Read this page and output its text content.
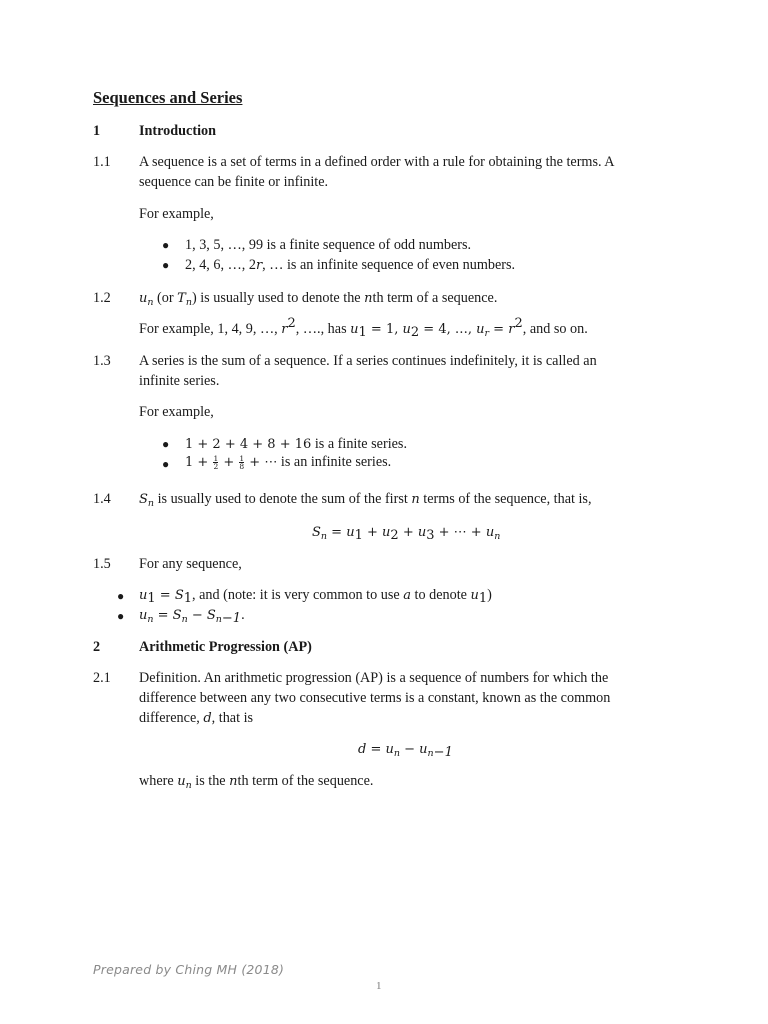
Sequences and Series
1	Introduction
1.1 A sequence is a set of terms in a defined order with a rule for obtaining the terms. A
sequence can be finite or infinite.
For example,
● 1, 3, 5, …, 99 is a finite sequence of odd numbers.
● 2, 4, 6, …, 2r, … is an infinite sequence of even numbers.
1.2 $u_n$ (or $T_n$) is usually used to denote the nth term of a sequence.
For example, 1, 4, 9, …, $r^2$, …., has $u_1 = 1$, $u_2 = 4$, …, $u_r = r^2$, and so on.
1.3 A series is the sum of a sequence. If a series continues indefinitely, it is called an
infinite series.
For example,
● 1 + 2 + 4 + 8 + 16 is a finite series.
● $1 + \frac{1}{2} + \frac{1}{8}$ + ⋯ is an infinite series.
1.4 $S_n$ is usually used to denote the sum of the first n terms of the sequence, that is,
$S_n = u_1 + u_2 + u_3$ + ⋯ + $u_n$
1.5 For any sequence,
● $u_1 = S_1$, and (note: it is very common to use a to denote $u_1$)
● $u_n = S_n - S_{n-1}$.
2	Arithmetic Progression (AP)
2.1 Definition. An arithmetic progression (AP) is a sequence of numbers for which the
difference between any two consecutive terms is a constant, known as the common
difference, d, that is
$d = u_n - u_{n-1}$
where $u_n$ is the nth term of the sequence.
Prepared by Ching MH (2018)
1
